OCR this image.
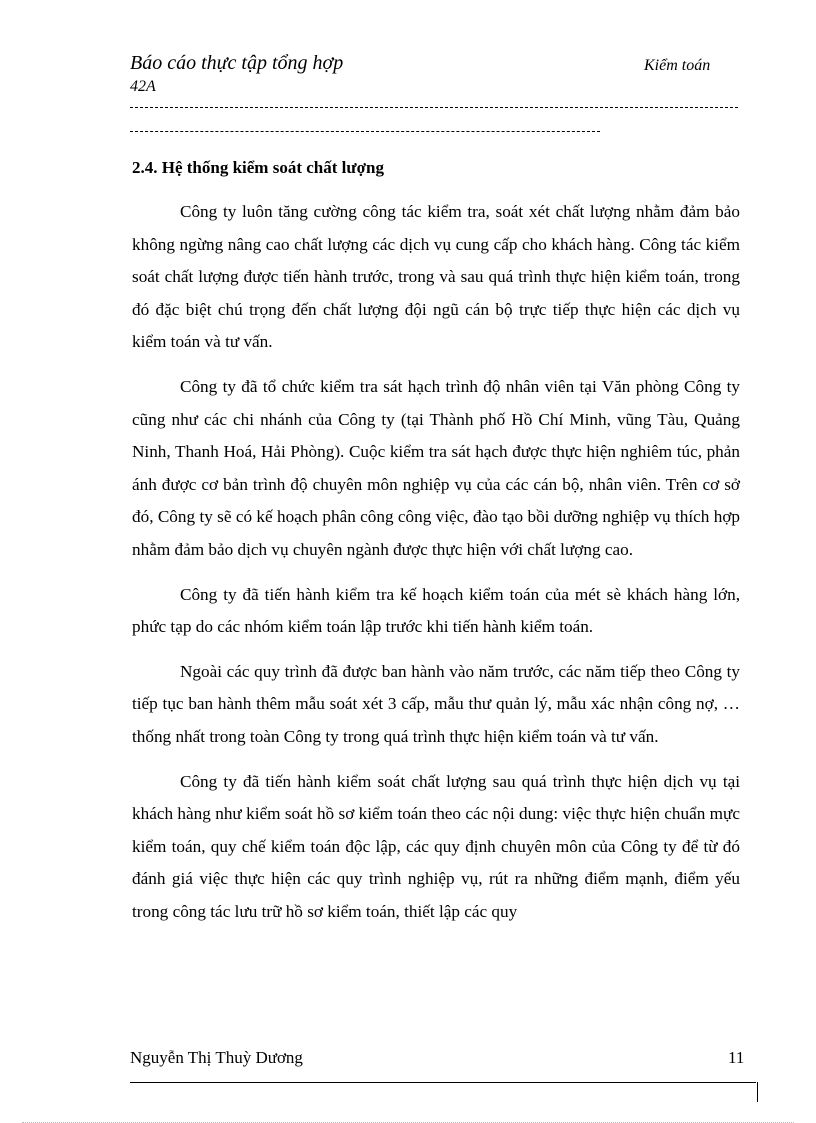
Báo cáo thực tập tổng hợp
42A
Kiểm toán
2.4. Hệ thống kiểm soát chất lượng

Công ty luôn tăng cường công tác kiểm tra, soát xét chất lượng nhằm đảm bảo không ngừng nâng cao chất lượng các dịch vụ cung cấp cho khách hàng. Công tác kiểm soát chất lượng được tiến hành trước, trong và sau quá trình thực hiện kiểm toán, trong đó đặc biệt chú trọng đến chất lượng đội ngũ cán bộ trực tiếp thực hiện các dịch vụ kiểm toán và tư vấn.

Công ty đã tổ chức kiểm tra sát hạch trình độ nhân viên tại Văn phòng Công ty cũng như các chi nhánh của Công ty (tại Thành phố Hồ Chí Minh, vũng Tàu, Quảng Ninh, Thanh Hoá, Hải Phòng). Cuộc kiểm tra sát hạch được thực hiện nghiêm túc, phản ánh được cơ bản trình độ chuyên môn nghiệp vụ của các cán bộ, nhân viên. Trên cơ sở đó, Công ty sẽ có kế hoạch phân công công việc, đào tạo bồi dưỡng nghiệp vụ thích hợp nhằm đảm bảo dịch vụ chuyên ngành được thực hiện với chất lượng cao.

Công ty đã tiến hành kiểm tra kế hoạch kiểm toán của mét sè khách hàng lớn, phức tạp do các nhóm kiểm toán lập trước khi tiến hành kiểm toán.

Ngoài các quy trình đã được ban hành vào năm trước, các năm tiếp theo Công ty tiếp tục ban hành thêm mẫu soát xét 3 cấp, mẫu thư quản lý, mẫu xác nhận công nợ, … thống nhất trong toàn Công ty trong quá trình thực hiện kiểm toán và tư vấn.

Công ty đã tiến hành kiểm soát chất lượng sau quá trình thực hiện dịch vụ tại khách hàng như kiểm soát hồ sơ kiểm toán theo các nội dung: việc thực hiện chuẩn mực kiểm toán, quy chế kiểm toán độc lập, các quy định chuyên môn của Công ty để từ đó đánh giá việc thực hiện các quy trình nghiệp vụ, rút ra những điểm mạnh, điểm yếu trong công tác lưu trữ hồ sơ kiểm toán, thiết lập các quy

Nguyễn Thị Thuỳ Dương	11
